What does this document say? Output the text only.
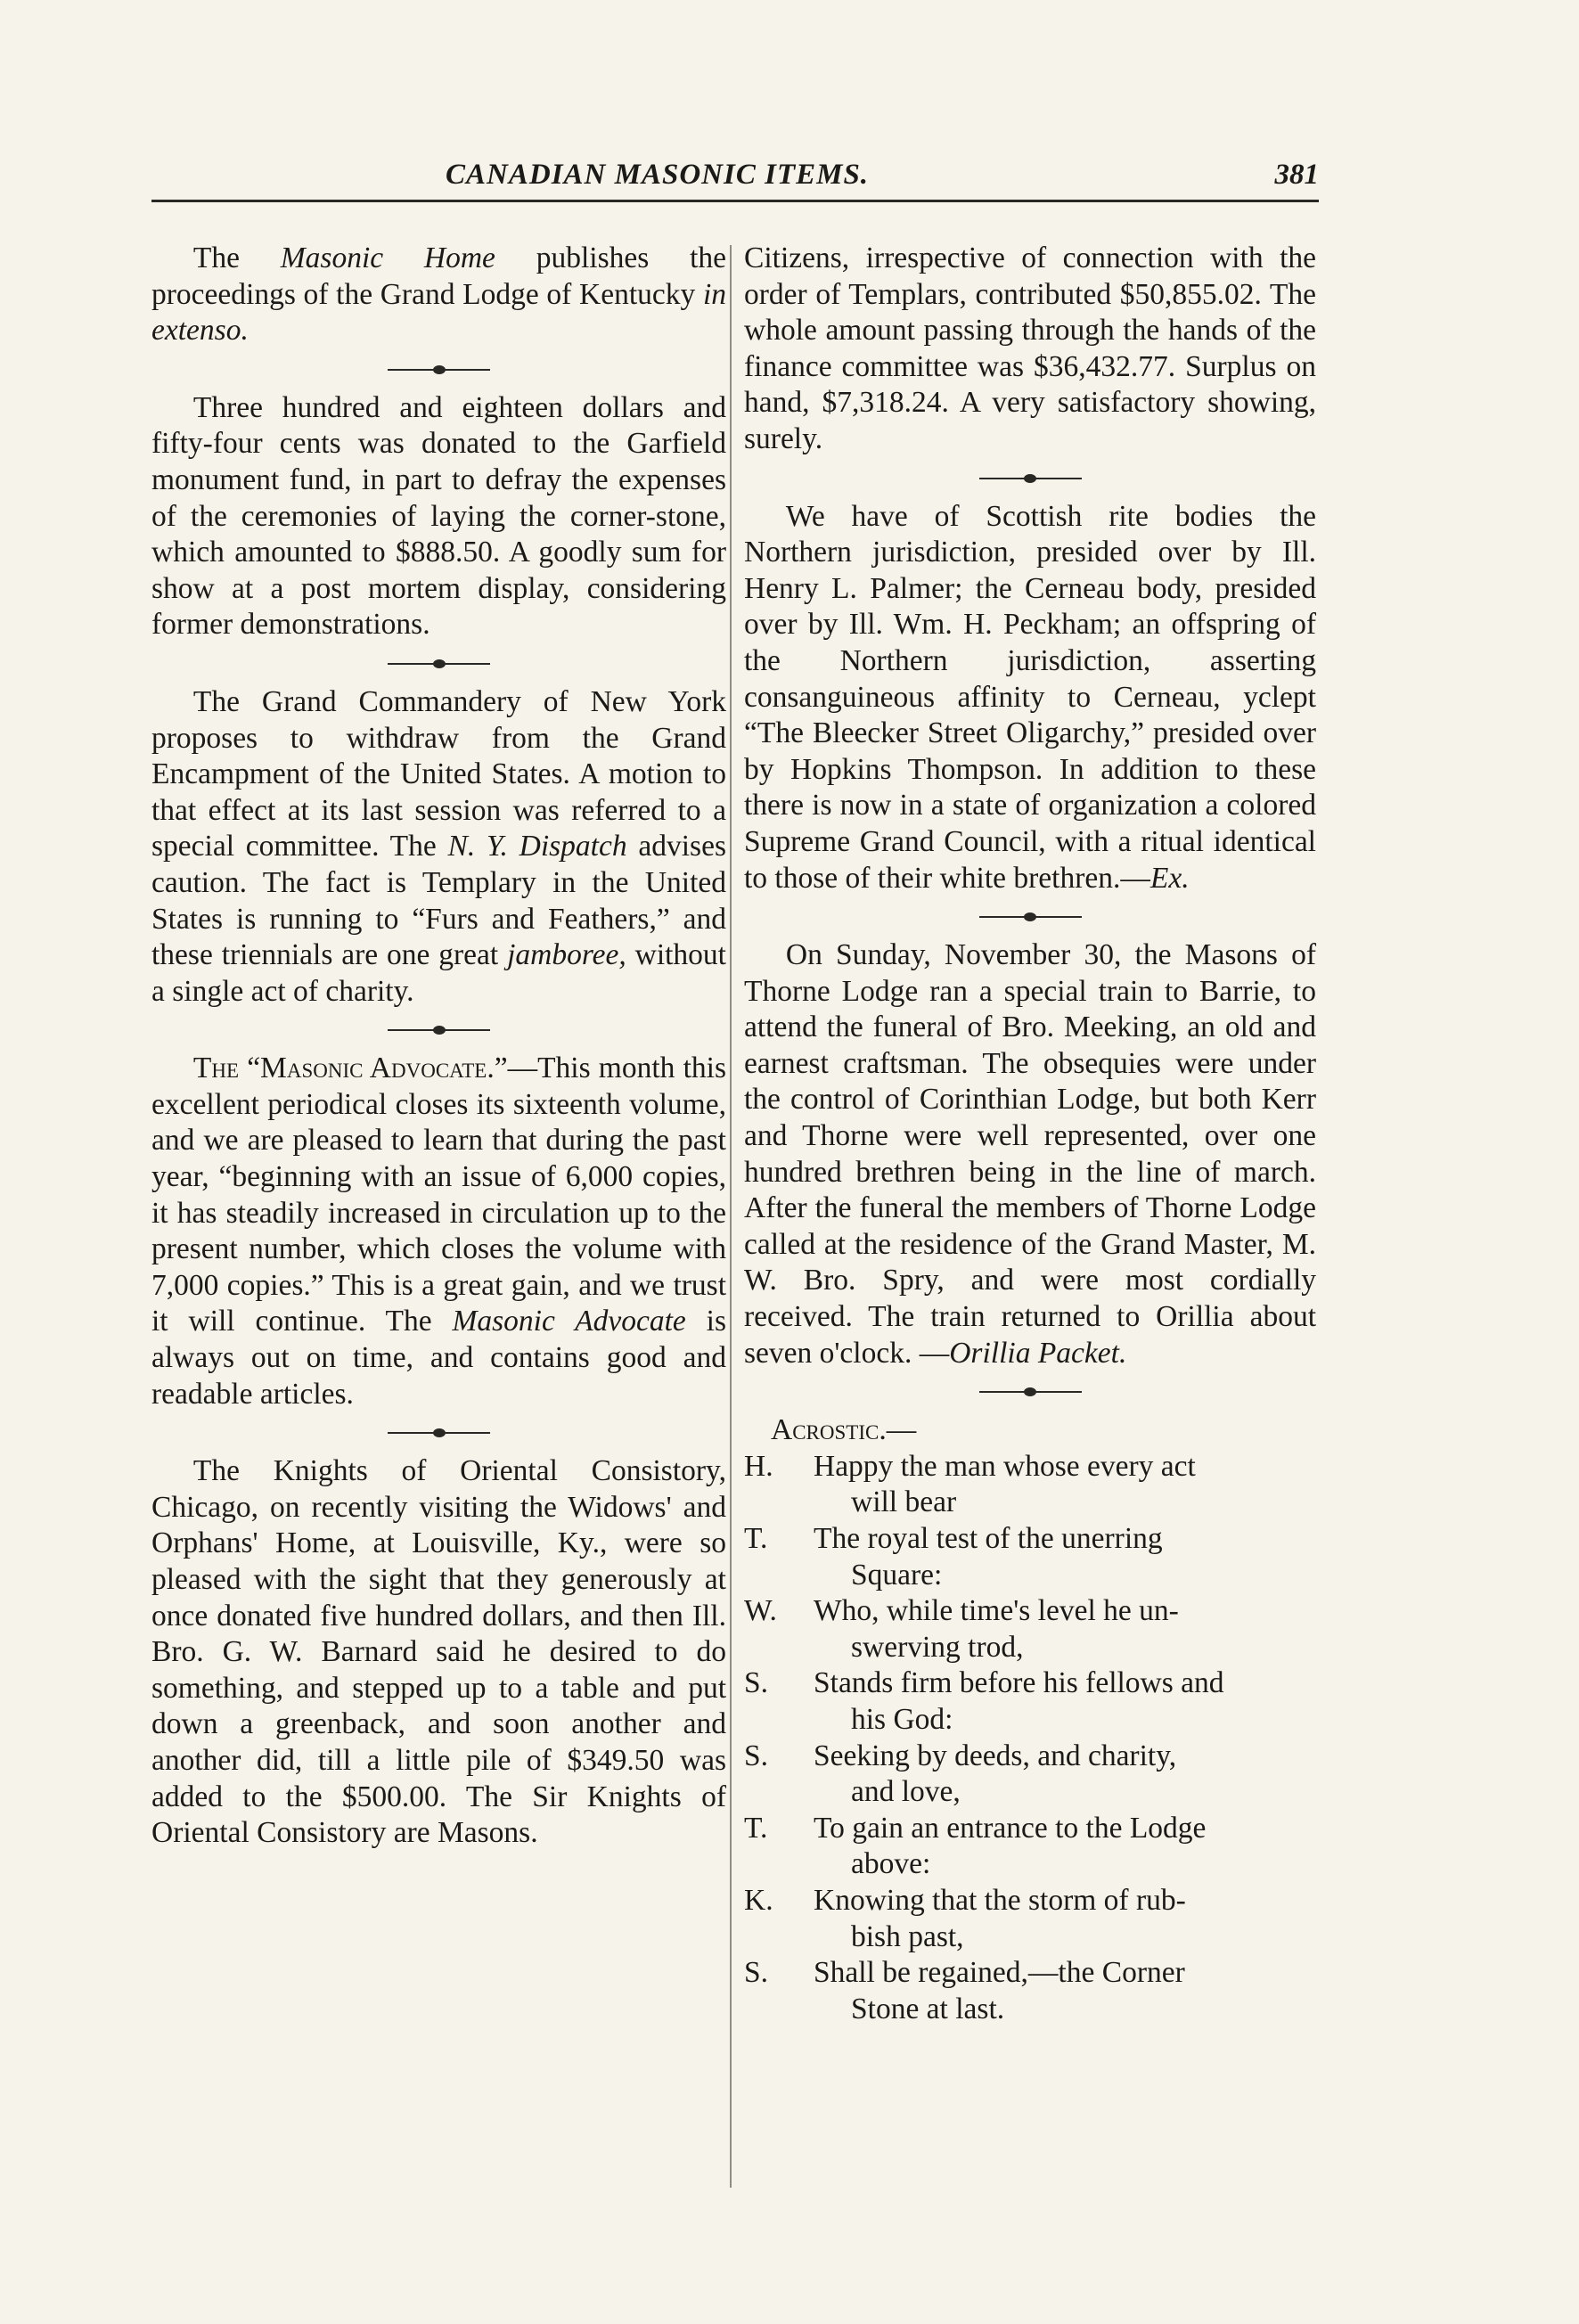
CANADIAN MASONIC ITEMS.	381

The Masonic Home publishes the proceedings of the Grand Lodge of Kentucky in extenso.

Three hundred and eighteen dollars and fifty-four cents was donated to the Garfield monument fund, in part to defray the expenses of the ceremonies of laying the corner-stone, which amounted to $888.50. A goodly sum for show at a post mortem display, considering former demonstrations.

The Grand Commandery of New York proposes to withdraw from the Grand Encampment of the United States. A motion to that effect at its last session was referred to a special committee. The N. Y. Dispatch advises caution. The fact is Templary in the United States is running to “Furs and Feathers,” and these triennials are one great jamboree, without a single act of charity.

The “Masonic Advocate.”—This month this excellent periodical closes its sixteenth volume, and we are pleased to learn that during the past year, “beginning with an issue of 6,000 copies, it has steadily increased in circulation up to the present number, which closes the volume with 7,000 copies.” This is a great gain, and we trust it will continue. The Masonic Advocate is always out on time, and contains good and readable articles.

The Knights of Oriental Consistory, Chicago, on recently visiting the Widows' and Orphans' Home, at Louisville, Ky., were so pleased with the sight that they generously at once donated five hundred dollars, and then Ill. Bro. G. W. Barnard said he desired to do something, and stepped up to a table and put down a greenback, and soon another and another did, till a little pile of $349.50 was added to the $500.00. The Sir Knights of Oriental Consistory are Masons.

Citizens, irrespective of connection with the order of Templars, contributed $50,855.02. The whole amount passing through the hands of the finance committee was $36,432.77. Surplus on hand, $7,318.24. A very satisfactory showing, surely.

We have of Scottish rite bodies the Northern jurisdiction, presided over by Ill. Henry L. Palmer; the Cerneau body, presided over by Ill. Wm. H. Peckham; an offspring of the Northern jurisdiction, asserting consanguineous affinity to Cerneau, yclept “The Bleecker Street Oligarchy,” presided over by Hopkins Thompson. In addition to these there is now in a state of organization a colored Supreme Grand Council, with a ritual identical to those of their white brethren.—Ex.

On Sunday, November 30, the Masons of Thorne Lodge ran a special train to Barrie, to attend the funeral of Bro. Meeking, an old and earnest craftsman. The obsequies were under the control of Corinthian Lodge, but both Kerr and Thorne were well represented, over one hundred brethren being in the line of march. After the funeral the members of Thorne Lodge called at the residence of the Grand Master, M. W. Bro. Spry, and were most cordially received. The train returned to Orillia about seven o'clock. —Orillia Packet.

Acrostic.—

H.	Happy the man whose every act
will bear
T.	The royal test of the unerring
Square:
W.	Who, while time's level he un-
swerving trod,
S.	Stands firm before his fellows and
his God:
S.	Seeking by deeds, and charity,
and love,
T.	To gain an entrance to the Lodge
above:
K.	Knowing that the storm of rub-
bish past,
S.	Shall be regained,—the Corner
Stone at last.
